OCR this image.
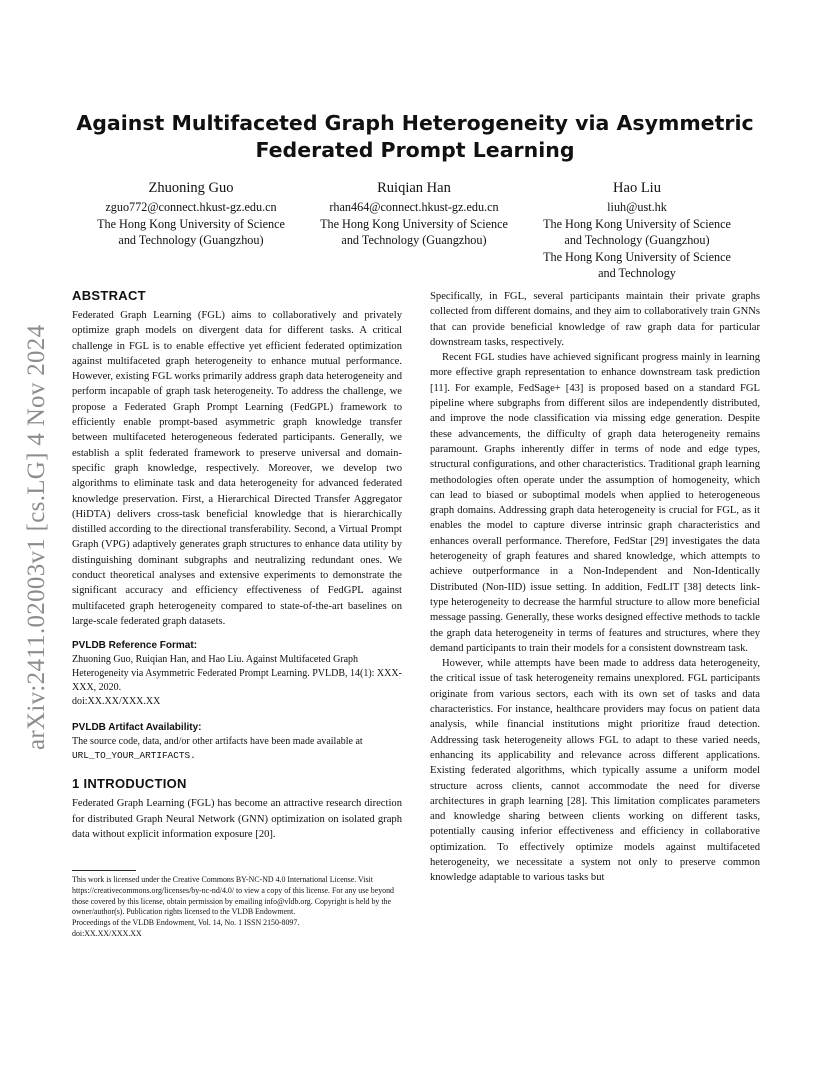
arXiv:2411.02003v1 [cs.LG] 4 Nov 2024
Against Multifaceted Graph Heterogeneity via Asymmetric
Federated Prompt Learning
Zhuoning Guo
zguo772@connect.hkust-gz.edu.cn
The Hong Kong University of Science
and Technology (Guangzhou)
Ruiqian Han
rhan464@connect.hkust-gz.edu.cn
The Hong Kong University of Science
and Technology (Guangzhou)
Hao Liu
liuh@ust.hk
The Hong Kong University of Science
and Technology (Guangzhou)
The Hong Kong University of Science
and Technology
ABSTRACT
Federated Graph Learning (FGL) aims to collaboratively and privately optimize graph models on divergent data for different tasks. A critical challenge in FGL is to enable effective yet efficient federated optimization against multifaceted graph heterogeneity to enhance mutual performance. However, existing FGL works primarily address graph data heterogeneity and perform incapable of graph task heterogeneity. To address the challenge, we propose a Federated Graph Prompt Learning (FedGPL) framework to efficiently enable prompt-based asymmetric graph knowledge transfer between multifaceted heterogeneous federated participants. Generally, we establish a split federated framework to preserve universal and domain-specific graph knowledge, respectively. Moreover, we develop two algorithms to eliminate task and data heterogeneity for advanced federated knowledge preservation. First, a Hierarchical Directed Transfer Aggregator (HiDTA) delivers cross-task beneficial knowledge that is hierarchically distilled according to the directional transferability. Second, a Virtual Prompt Graph (VPG) adaptively generates graph structures to enhance data utility by distinguishing dominant subgraphs and neutralizing redundant ones. We conduct theoretical analyses and extensive experiments to demonstrate the significant accuracy and efficiency effectiveness of FedGPL against multifaceted graph heterogeneity compared to state-of-the-art baselines on large-scale federated graph datasets.
PVLDB Reference Format:
Zhuoning Guo, Ruiqian Han, and Hao Liu. Against Multifaceted Graph Heterogeneity via Asymmetric Federated Prompt Learning. PVLDB, 14(1): XXX-XXX, 2020.
doi:XX.XX/XXX.XX
PVLDB Artifact Availability:
The source code, data, and/or other artifacts have been made available at
URL_TO_YOUR_ARTIFACTS.
1 INTRODUCTION
Federated Graph Learning (FGL) has become an attractive research direction for distributed Graph Neural Network (GNN) optimization on isolated graph data without explicit information exposure [20].
Specifically, in FGL, several participants maintain their private graphs collected from different domains, and they aim to collaboratively train GNNs that can provide beneficial knowledge of raw graph data for particular downstream tasks, respectively.
Recent FGL studies have achieved significant progress mainly in learning more effective graph representation to enhance downstream task prediction [11]. For example, FedSage+ [43] is proposed based on a standard FGL pipeline where subgraphs from different silos are independently distributed, and improve the node classification via missing edge generation. Despite these advancements, the difficulty of graph data heterogeneity remains paramount. Graphs inherently differ in terms of node and edge types, structural configurations, and other characteristics. Traditional graph learning methodologies often operate under the assumption of homogeneity, which can lead to biased or suboptimal models when applied to heterogeneous graph domains. Addressing graph data heterogeneity is crucial for FGL, as it enables the model to capture diverse intrinsic graph characteristics and enhances overall performance. Therefore, FedStar [29] investigates the data heterogeneity of graph features and shared knowledge, which attempts to achieve outperformance in a Non-Independent and Non-Identically Distributed (Non-IID) issue setting. In addition, FedLIT [38] detects link-type heterogeneity to decrease the harmful structure to allow more beneficial message passing. Generally, these works designed effective methods to tackle the graph data heterogeneity in terms of features and structures, where they demand participants to train their models for a consistent downstream task.
However, while attempts have been made to address data heterogeneity, the critical issue of task heterogeneity remains unexplored. FGL participants originate from various sectors, each with its own set of tasks and data characteristics. For instance, healthcare providers may focus on patient data analysis, while financial institutions might prioritize fraud detection. Addressing task heterogeneity allows FGL to adapt to these varied needs, enhancing its applicability and relevance across different applications. Existing federated algorithms, which typically assume a uniform model structure across clients, cannot accommodate the need for diverse architectures in graph learning [28]. This limitation complicates parameters and knowledge sharing between clients working on different tasks, potentially causing inferior effectiveness and efficiency in collaborative optimization. To effectively optimize models against multifaceted heterogeneity, we necessitate a system not only to preserve common knowledge adaptable to various tasks but
This work is licensed under the Creative Commons BY-NC-ND 4.0 International License. Visit https://creativecommons.org/licenses/by-nc-nd/4.0/ to view a copy of this license. For any use beyond those covered by this license, obtain permission by emailing info@vldb.org. Copyright is held by the owner/author(s). Publication rights licensed to the VLDB Endowment.
Proceedings of the VLDB Endowment, Vol. 14, No. 1 ISSN 2150-8097.
doi:XX.XX/XXX.XX
